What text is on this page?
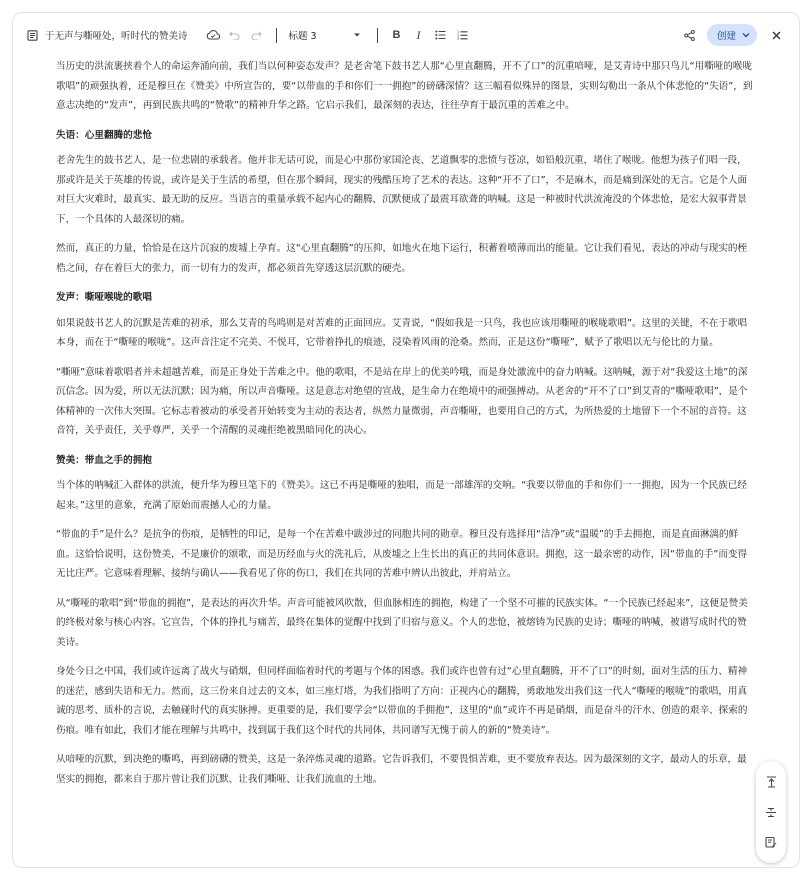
于无声与嘶哑处，听时代的赞美诗	标题 3	B	I	1
2
3	创建

当历史的洪流裹挟着个人的命运奔涌向前，我们当以何种姿态发声？是老舍笔下鼓书艺人那“心里直翻腾，开不了口”的沉重喑哑，是艾青诗中那只鸟儿“用嘶哑的喉咙歌唱”的顽强执着，还是穆旦在《赞美》中所宣告的，要“以带血的手和你们一一拥抱”的磅礴深情？这三幅看似殊异的图景，实则勾勒出一条从个体悲怆的“失语”，到意志决绝的“发声”，再到民族共鸣的“赞歌”的精神升华之路。它启示我们，最深刻的表达，往往孕育于最沉重的苦难之中。

失语：心里翻腾的悲怆

老舍先生的鼓书艺人，是一位悲剧的承载者。他并非无话可说，而是心中那份家国沦丧、艺道飘零的悲愤与苍凉，如铅般沉重，堵住了喉咙。他想为孩子们唱一段，那或许是关于英雄的传说，或许是关于生活的希望，但在那个瞬间，现实的残酷压垮了艺术的表达。这种“开不了口”，不是麻木，而是痛到深处的无言。它是个人面对巨大灾难时，最真实、最无助的反应。当语言的重量承载不起内心的翻腾，沉默便成了最震耳欲聋的呐喊。这是一种被时代洪流淹没的个体悲怆，是宏大叙事背景下，一个具体的人最深切的痛。

然而，真正的力量，恰恰是在这片沉寂的废墟上孕育。这“心里直翻腾”的压抑，如地火在地下运行，积蓄着喷薄而出的能量。它让我们看见，表达的冲动与现实的桎梏之间，存在着巨大的张力，而一切有力的发声，都必须首先穿透这层沉默的硬壳。

发声：嘶哑喉咙的歌唱

如果说鼓书艺人的沉默是苦难的初承，那么艾青的鸟鸣则是对苦难的正面回应。艾青说，“假如我是一只鸟，我也应该用嘶哑的喉咙歌唱”。这里的关键，不在于歌唱本身，而在于“嘶哑的喉咙”。这声音注定不完美、不悦耳，它带着挣扎的痕迹，浸染着风雨的沧桑。然而，正是这份“嘶哑”，赋予了歌唱以无与伦比的力量。

“嘶哑”意味着歌唱者并未超越苦难，而是正身处于苦难之中。他的歌唱，不是站在岸上的优美吟哦，而是身处激流中的奋力呐喊。这呐喊，源于对“我爱这土地”的深沉信念。因为爱，所以无法沉默；因为痛，所以声音嘶哑。这是意志对绝望的宣战，是生命力在绝境中的顽强搏动。从老舍的“开不了口”到艾青的“嘶哑歌唱”，是个体精神的一次伟大突围。它标志着被动的承受者开始转变为主动的表达者，纵然力量微弱，声音嘶哑，也要用自己的方式，为所热爱的土地留下一个不屈的音符。这音符，关乎责任，关乎尊严，关乎一个清醒的灵魂拒绝被黑暗同化的决心。

赞美：带血之手的拥抱

当个体的呐喊汇入群体的洪流，便升华为穆旦笔下的《赞美》。这已不再是嘶哑的独唱，而是一部雄浑的交响。“我要以带血的手和你们一一拥抱，因为一个民族已经起来。”这里的意象，充满了原始而震撼人心的力量。

“带血的手”是什么？是抗争的伤痕，是牺牲的印记，是每一个在苦难中跋涉过的同胞共同的勋章。穆旦没有选择用“洁净”或“温暖”的手去拥抱，而是直面淋漓的鲜血。这恰恰说明，这份赞美，不是廉价的颂歌，而是历经血与火的洗礼后，从废墟之上生长出的真正的共同体意识。拥抱，这一最亲密的动作，因“带血的手”而变得无比庄严。它意味着理解、接纳与确认——我看见了你的伤口，我们在共同的苦难中辨认出彼此，并肩站立。

从“嘶哑的歌唱”到“带血的拥抱”，是表达的再次升华。声音可能被风吹散，但血脉相连的拥抱，构建了一个坚不可摧的民族实体。“一个民族已经起来”，这便是赞美的终极对象与核心内容。它宣告，个体的挣扎与痛苦，最终在集体的觉醒中找到了归宿与意义。个人的悲怆，被熔铸为民族的史诗；嘶哑的呐喊，被谱写成时代的赞美诗。

身处今日之中国，我们或许远离了战火与硝烟，但同样面临着时代的考题与个体的困惑。我们或许也曾有过“心里直翻腾，开不了口”的时刻，面对生活的压力、精神的迷茫，感到失语和无力。然而，这三份来自过去的文本，如三座灯塔，为我们指明了方向：正视内心的翻腾，勇敢地发出我们这一代人“嘶哑的喉咙”的歌唱，用真诚的思考、质朴的言说，去触碰时代的真实脉搏。更重要的是，我们要学会“以带血的手拥抱”，这里的“血”或许不再是硝烟，而是奋斗的汗水、创造的艰辛、探索的伤痕。唯有如此，我们才能在理解与共鸣中，找到属于我们这个时代的共同体，共同谱写无愧于前人的新的“赞美诗”。

从喑哑的沉默，到决绝的嘶鸣，再到磅礴的赞美，这是一条淬炼灵魂的道路。它告诉我们，不要畏惧苦难，更不要放弃表达。因为最深刻的文字，最动人的乐章，最坚实的拥抱，都来自于那片曾让我们沉默、让我们嘶哑、让我们流血的土地。
